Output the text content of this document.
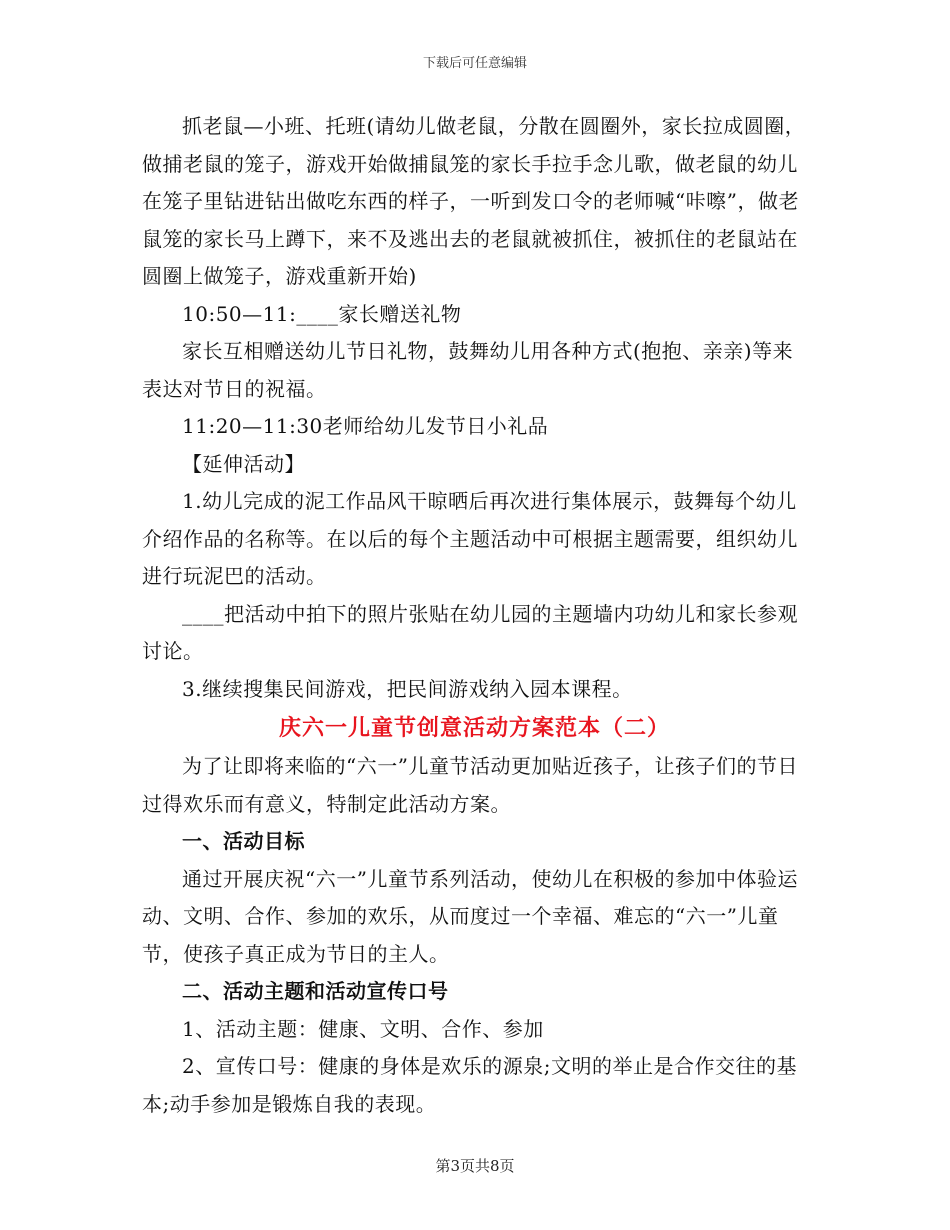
下载后可任意编辑

抓老鼠—小班、托班(请幼儿做老鼠，分散在圆圈外，家长拉成圆圈，做捕老鼠的笼子，游戏开始做捕鼠笼的家长手拉手念儿歌，做老鼠的幼儿在笼子里钻进钻出做吃东西的样子，一听到发口令的老师喊“咔嚓”，做老鼠笼的家长马上蹲下，来不及逃出去的老鼠就被抓住，被抓住的老鼠站在圆圈上做笼子，游戏重新开始)

10:50—11:____家长赠送礼物

家长互相赠送幼儿节日礼物，鼓舞幼儿用各种方式(抱抱、亲亲)等来表达对节日的祝福。

11:20—11:30老师给幼儿发节日小礼品

【延伸活动】

1.幼儿完成的泥工作品风干晾晒后再次进行集体展示，鼓舞每个幼儿介绍作品的名称等。在以后的每个主题活动中可根据主题需要，组织幼儿进行玩泥巴的活动。

____把活动中拍下的照片张贴在幼儿园的主题墙内功幼儿和家长参观讨论。

3.继续搜集民间游戏，把民间游戏纳入园本课程。

庆六一儿童节创意活动方案范本（二）

为了让即将来临的“六一”儿童节活动更加贴近孩子，让孩子们的节日过得欢乐而有意义，特制定此活动方案。

一、活动目标

通过开展庆祝“六一”儿童节系列活动，使幼儿在积极的参加中体验运动、文明、合作、参加的欢乐，从而度过一个幸福、难忘的“六一”儿童节，使孩子真正成为节日的主人。

二、活动主题和活动宣传口号

1、活动主题：健康、文明、合作、参加

2、宣传口号：健康的身体是欢乐的源泉;文明的举止是合作交往的基本;动手参加是锻炼自我的表现。

第3页共8页
